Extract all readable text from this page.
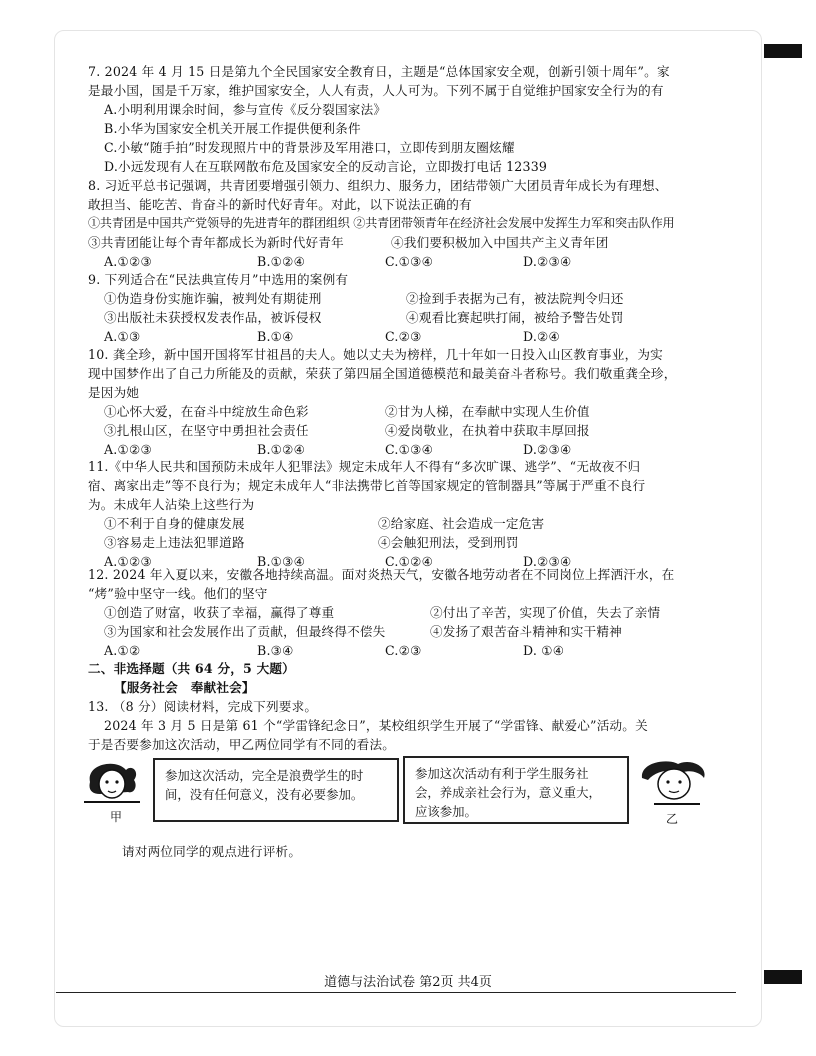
7. 2024 年 4 月 15 日是第九个全民国家安全教育日，主题是“总体国家安全观，创新引领十周年”。家
是最小国，国是千万家，维护国家安全，人人有责，人人可为。下列不属于自觉维护国家安全行为的有
A.小明利用课余时间，参与宣传《反分裂国家法》
B.小华为国家安全机关开展工作提供便利条件
C.小敏“随手拍”时发现照片中的背景涉及军用港口，立即传到朋友圈炫耀
D.小远发现有人在互联网散布危及国家安全的反动言论，立即拨打电话 12339
8. 习近平总书记强调，共青团要增强引领力、组织力、服务力，团结带领广大团员青年成长为有理想、
敢担当、能吃苦、肯奋斗的新时代好青年。对此，以下说法正确的有
①共青团是中国共产党领导的先进青年的群团组织 ②共青团带领青年在经济社会发展中发挥生力军和突击队作用
③共青团能让每个青年都成长为新时代好青年	④我们要积极加入中国共产主义青年团
A.①②③	B.①②④	C.①③④	D.②③④
9. 下列适合在“民法典宣传月”中选用的案例有
①伪造身份实施诈骗，被判处有期徒刑	②捡到手表据为己有，被法院判令归还
③出版社未获授权发表作品，被诉侵权	④观看比赛起哄打闹，被给予警告处罚
A.①③	B.①④	C.②③	D.②④
10. 龚全珍，新中国开国将军甘祖昌的夫人。她以丈夫为榜样，几十年如一日投入山区教育事业，为实
现中国梦作出了自己力所能及的贡献，荣获了第四届全国道德模范和最美奋斗者称号。我们敬重龚全珍，
是因为她
①心怀大爱，在奋斗中绽放生命色彩	②甘为人梯，在奉献中实现人生价值
③扎根山区，在坚守中勇担社会责任	④爱岗敬业，在执着中获取丰厚回报
A.①②③	B.①②④	C.①③④	D.②③④
11.《中华人民共和国预防未成年人犯罪法》规定未成年人不得有“多次旷课、逃学”、“无故夜不归
宿、离家出走”等不良行为；规定未成年人“非法携带匕首等国家规定的管制器具”等属于严重不良行
为。未成年人沾染上这些行为
①不利于自身的健康发展	②给家庭、社会造成一定危害
③容易走上违法犯罪道路	④会触犯刑法，受到刑罚
A.①②③	B.①③④	C.①②④	D.②③④
12. 2024 年入夏以来，安徽各地持续高温。面对炎热天气，安徽各地劳动者在不同岗位上挥洒汗水，在
“烤”验中坚守一线。他们的坚守
①创造了财富，收获了幸福，赢得了尊重	②付出了辛苦，实现了价值，失去了亲情
③为国家和社会发展作出了贡献，但最终得不偿失	④发扬了艰苦奋斗精神和实干精神
A.①②	B.③④	C.②③	D. ①④
二、非选择题（共 64 分，5 大题）
【服务社会　奉献社会】
13. （8 分）阅读材料，完成下列要求。
2024 年 3 月 5 日是第 61 个“学雷锋纪念日”，某校组织学生开展了“学雷锋、献爱心”活动。关
于是否要参加这次活动，甲乙两位同学有不同的看法。
甲
参加这次活动，完全是浪费学生的时
间，没有任何意义，没有必要参加。
参加这次活动有利于学生服务社
会，养成亲社会行为，意义重大，
应该参加。	乙
请对两位同学的观点进行评析。
道德与法治试卷 第2页 共4页
